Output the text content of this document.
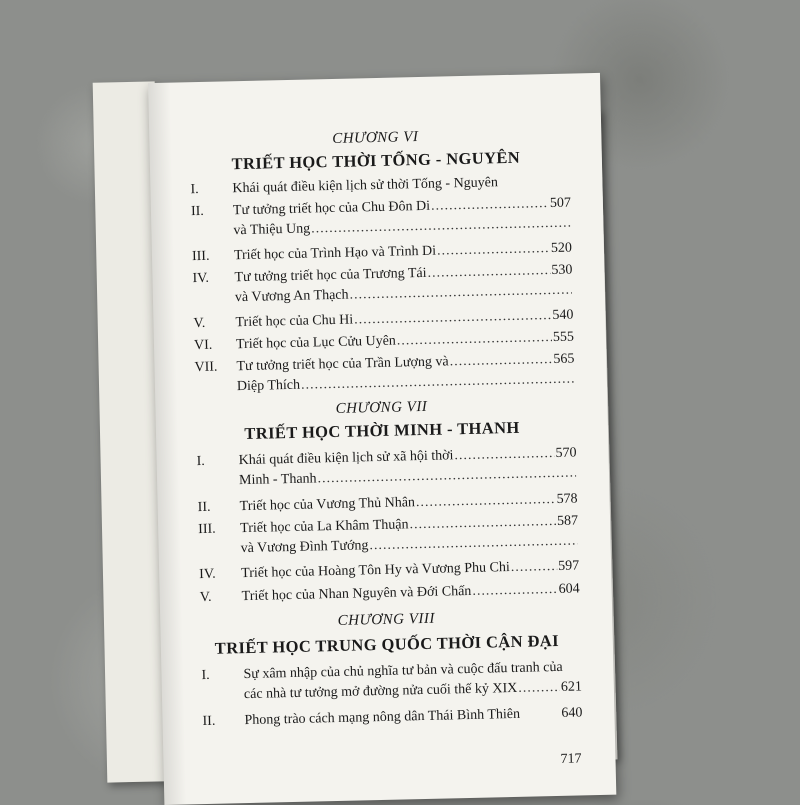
CHƯƠNG VI
TRIẾT HỌC THỜI TỐNG - NGUYÊN
I. Khái quát điều kiện lịch sử thời Tống - Nguyên
II. Tư tưởng triết học của Chu Đôn Di .....	507
và Thiệu Ung
.....
III. Triết học của Trình Hạo và Trình Di .....	520
IV. Tư tưởng triết học của Trương Tái .....	530
và Vương An Thạch
.....
V. Triết học của Chu Hi .....	540
VI. Triết học của Lục Cửu Uyên .....	555
VII. Tư tưởng triết học của Trần Lượng và .....	565
Diệp Thích
.....
CHƯƠNG VII
TRIẾT HỌC THỜI MINH - THANH
I. Khái quát điều kiện lịch sử xã hội thời .....	570
Minh - Thanh
.....
II. Triết học của Vương Thủ Nhân .....	578
III. Triết học của La Khâm Thuận .....	587
và Vương Đình Tướng
.....
IV. Triết học của Hoàng Tôn Hy và Vương Phu Chi .....	597
V. Triết học của Nhan Nguyên và Đới Chấn .....	604
CHƯƠNG VIII
TRIẾT HỌC TRUNG QUỐC THỜI CẬN ĐẠI
I. Sự xâm nhập của chủ nghĩa tư bản và cuộc đấu tranh của
các nhà tư tưởng mở đường nửa cuối thế kỷ XIX .....	621
II. Phong trào cách mạng nông dân Thái Bình Thiên	640
717
